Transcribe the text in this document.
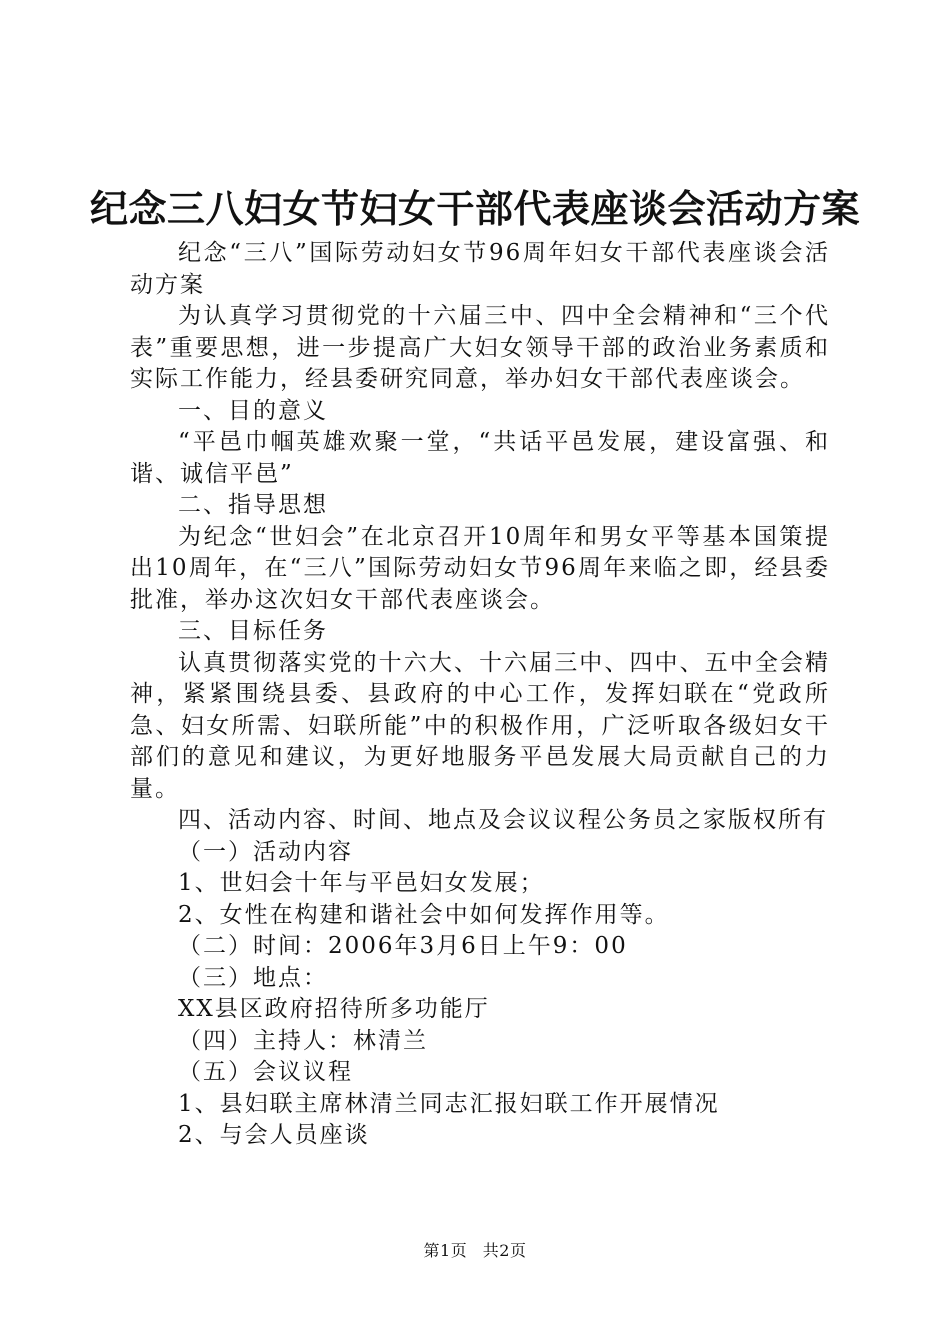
纪念三八妇女节妇女干部代表座谈会活动方案

纪念“三八”国际劳动妇女节96周年妇女干部代表座谈会活动方案

为认真学习贯彻党的十六届三中、四中全会精神和“三个代表”重要思想，进一步提高广大妇女领导干部的政治业务素质和实际工作能力，经县委研究同意，举办妇女干部代表座谈会。

一、目的意义

“平邑巾帼英雄欢聚一堂，“共话平邑发展，建设富强、和谐、诚信平邑”

二、指导思想

为纪念“世妇会”在北京召开10周年和男女平等基本国策提出10周年，在“三八”国际劳动妇女节96周年来临之即，经县委批准，举办这次妇女干部代表座谈会。

三、目标任务

认真贯彻落实党的十六大、十六届三中、四中、五中全会精神，紧紧围绕县委、县政府的中心工作，发挥妇联在“党政所急、妇女所需、妇联所能”中的积极作用，广泛听取各级妇女干部们的意见和建议，为更好地服务平邑发展大局贡献自己的力量。

四、活动内容、时间、地点及会议议程公务员之家版权所有

（一）活动内容

1、世妇会十年与平邑妇女发展；

2、女性在构建和谐社会中如何发挥作用等。

（二）时间：2006年3月6日上午9：00

（三）地点：

XX县区政府招待所多功能厅

（四）主持人：林清兰

（五）会议议程

1、县妇联主席林清兰同志汇报妇联工作开展情况

2、与会人员座谈

第1页 共2页
